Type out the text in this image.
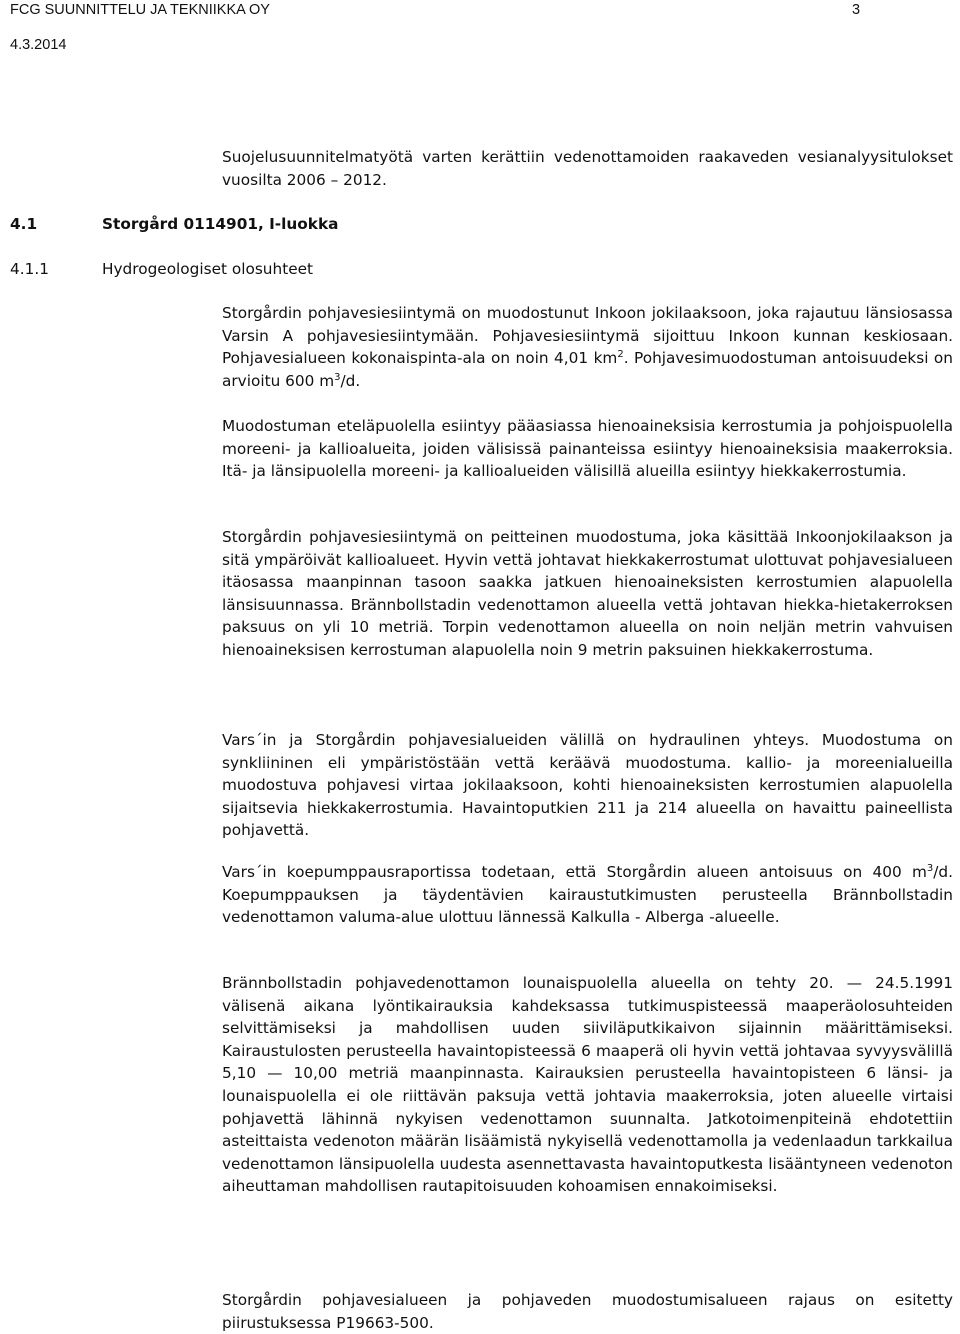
FCG SUUNNITTELU JA TEKNIIKKA OY	3
4.3.2014

Suojelusuunnitelmatyötä varten kerättiin vedenottamoiden raakaveden vesianalyysitulokset vuosilta 2006 – 2012.

4.1	Storgård 0114901, I-luokka
4.1.1	Hydrogeologiset olosuhteet

Storgårdin pohjavesiesiintymä on muodostunut Inkoon jokilaaksoon, joka rajautuu länsiosassa Varsin A pohjavesiesiintymään. Pohjavesiesiintymä sijoittuu Inkoon kunnan keskiosaan. Pohjavesialueen kokonaispinta-ala on noin 4,01 $km^2$. Pohjavesimuodostuman antoisuudeksi on arvioitu 600 $m^3/d$.

Muodostuman eteläpuolella esiintyy pääasiassa hienoaineksisia kerrostumia ja pohjoispuolella moreeni- ja kallioalueita, joiden välisissä painanteissa esiintyy hienoaineksisia maakerroksia. Itä- ja länsipuolella moreeni- ja kallioalueiden välisillä alueilla esiintyy hiekkakerrostumia.

Storgårdin pohjavesiesiintymä on peitteinen muodostuma, joka käsittää Inkoonjokilaakson ja sitä ympäröivät kallioalueet. Hyvin vettä johtavat hiekkakerrostumat ulottuvat pohjavesialueen itäosassa maanpinnan tasoon saakka jatkuen hienoaineksisten kerrostumien alapuolella länsisuunnassa. Brännbollstadin vedenottamon alueella vettä johtavan hiekka-hietakerroksen paksuus on yli 10 metriä. Torpin vedenottamon alueella on noin neljän metrin vahvuisen hienoaineksisen kerrostuman alapuolella noin 9 metrin paksuinen hiekkakerrostuma.

Vars´in ja Storgårdin pohjavesialueiden välillä on hydraulinen yhteys. Muodostuma on synkliininen eli ympäristöstään vettä keräävä muodostuma. kallio- ja moreenialueilla muodostuva pohjavesi virtaa jokilaaksoon, kohti hienoaineksisten kerrostumien alapuolella sijaitsevia hiekkakerrostumia. Havaintoputkien 211 ja 214 alueella on havaittu paineellista pohjavettä.

Vars´in koepumppausraportissa todetaan, että Storgårdin alueen antoisuus on 400 $m^3/d$. Koepumppauksen ja täydentävien kairaustutkimusten perusteella Brännbollstadin vedenottamon valuma-alue ulottuu lännessä Kalkulla - Alberga -alueelle.

Brännbollstadin pohjavedenottamon lounaispuolella alueella on tehty 20. — 24.5.1991 välisenä aikana lyöntikairauksia kahdeksassa tutkimuspisteessä maaperäolosuhteiden selvittämiseksi ja mahdollisen uuden siiviläputkikaivon sijainnin määrittämiseksi. Kairaustulosten perusteella havaintopisteessä 6 maaperä oli hyvin vettä johtavaa syvyysvälillä 5,10 — 10,00 metriä maanpinnasta. Kairauksien perusteella havaintopisteen 6 länsi- ja lounaispuolella ei ole riittävän paksuja vettä johtavia maakerroksia, joten alueelle virtaisi pohjavettä lähinnä nykyisen vedenottamon suunnalta. Jatkotoimenpiteinä ehdotettiin asteittaista vedenoton määrän lisäämistä nykyisellä vedenottamolla ja vedenlaadun tarkkailua vedenottamon länsipuolella uudesta asennettavasta havaintoputkesta lisääntyneen vedenoton aiheuttaman mahdollisen rautapitoisuuden kohoamisen ennakoimiseksi.

Storgårdin pohjavesialueen ja pohjaveden muodostumisalueen rajaus on esitetty piirustuksessa P19663-500.
